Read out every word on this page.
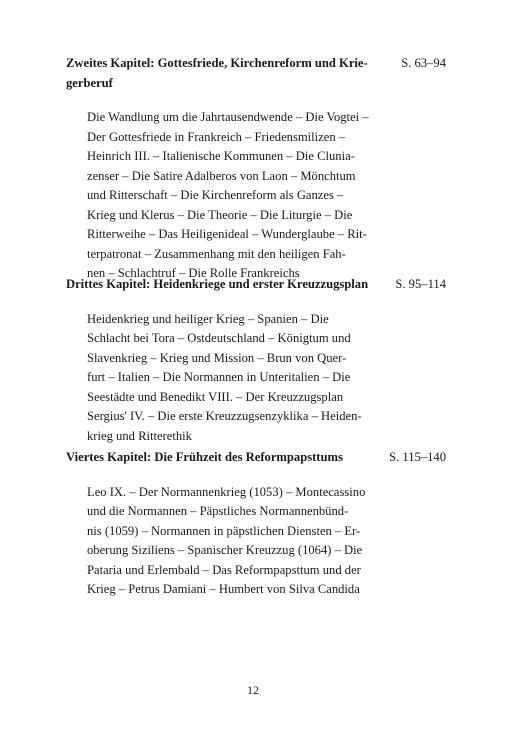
Zweites Kapitel: Gottesfriede, Kirchenreform und Krie-
gerberuf
S. 63–94
Die Wandlung um die Jahrtausendwende – Die Vogtei –
Der Gottesfriede in Frankreich – Friedensmilizen –
Heinrich III. – Italienische Kommunen – Die Clunia-
zenser – Die Satire Adalberos von Laon – Mönchtum
und Ritterschaft – Die Kirchenreform als Ganzes –
Krieg und Klerus – Die Theorie – Die Liturgie – Die
Ritterweihe – Das Heiligenideal – Wunderglaube – Rit-
terpatronat – Zusammenhang mit den heiligen Fah-
nen – Schlachtruf – Die Rolle Frankreichs
Drittes Kapitel: Heidenkriege und erster Kreuzzugsplan S. 95–114
Heidenkrieg und heiliger Krieg – Spanien – Die
Schlacht bei Tora – Ostdeutschland – Königtum und
Slavenkrieg – Krieg und Mission – Brun von Quer-
furt – Italien – Die Normannen in Unteritalien – Die
Seestädte und Benedikt VIII. – Der Kreuzzugsplan
Sergius' IV. – Die erste Kreuzzugsenzyklika – Heiden-
krieg und Ritterethik
Viertes Kapitel: Die Frühzeit des Reformpapsttums	S. 115–140
Leo IX. – Der Normannenkrieg (1053) – Montecassino
und die Normannen – Päpstliches Normannenbünd-
nis (1059) – Normannen in päpstlichen Diensten – Er-
oberung Siziliens – Spanischer Kreuzzug (1064) – Die
Pataria und Erlembald – Das Reformpapsttum und der
Krieg – Petrus Damiani – Humbert von Silva Candida
12
